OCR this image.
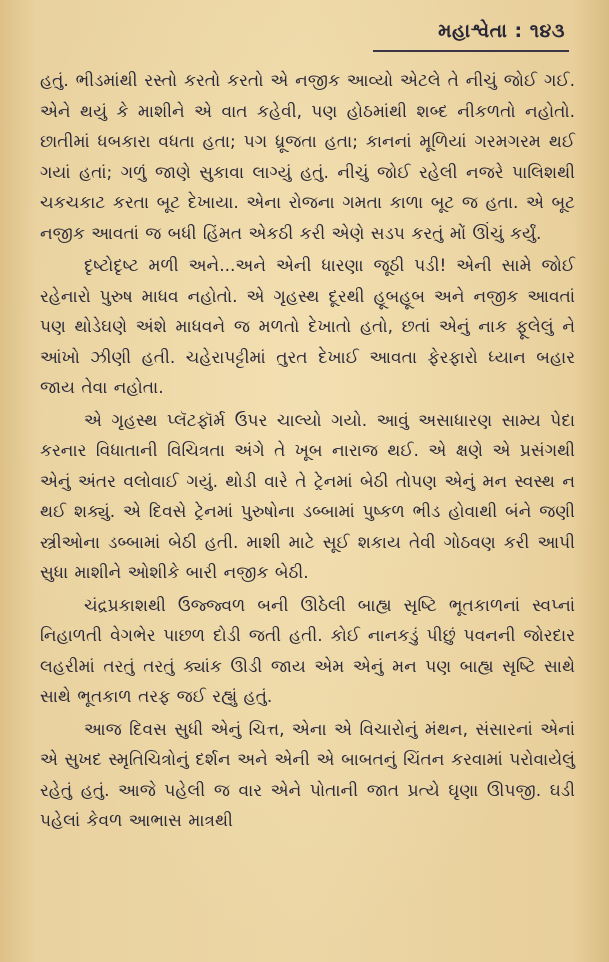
મહાશ્વેતા : ૧૪૩

હતું. ભીડમાંથી રસ્તો કરતો કરતો એ નજીક આવ્યો એટલે તે નીચું જોઈ ગઈ. એને થયું કે માશીને એ વાત કહેવી, પણ હોઠમાંથી શબ્દ નીકળતો નહોતો. છાતીમાં ધબકારા વધતા હતા; પગ ધ્રૂજતા હતા; કાનનાં મૂળિયાં ગરમગરમ થઈ ગયાં હતાં; ગળું જાણે સુકાવા લાગ્યું હતું. નીચું જોઈ રહેલી નજરે પાલિશથી ચકચકાટ કરતા બૂટ દેખાયા. એના રોજના ગમતા કાળા બૂટ જ હતા. એ બૂટ નજીક આવતાં જ બધી હિંમત એકઠી કરી એણે સડપ કરતું મોં ઊંચું કર્યું.

દૃષ્ટોદૃષ્ટ મળી અને...અને એની ધારણા જૂઠી પડી! એની સામે જોઈ રહેનારો પુરુષ માધવ નહોતો. એ ગૃહસ્થ દૂરથી હૂબહૂબ અને નજીક આવતાં પણ થોડેઘણે અંશે માધવને જ મળતો દેખાતો હતો, છતાં એનું નાક ફૂલેલું ને આંખો ઝીણી હતી. ચહેરાપટ્ટીમાં તુરત દેખાઈ આવતા ફેરફારો ધ્યાન બહાર જાય તેવા નહોતા.

એ ગૃહસ્થ પ્લૅટફૉર્મ ઉપર ચાલ્યો ગયો. આવું અસાધારણ સામ્ય પેદા કરનાર વિધાતાની વિચિત્રતા અંગે તે ખૂબ નારાજ થઈ. એ ક્ષણે એ પ્રસંગથી એનું અંતર વલોવાઈ ગયું. થોડી વારે તે ટ્રેનમાં બેઠી તોપણ એનું મન સ્વસ્થ ન થઈ શક્યું. એ દિવસે ટ્રેનમાં પુરુષોના ડબ્બામાં પુષ્કળ ભીડ હોવાથી બંને જણી સ્ત્રીઓના ડબ્બામાં બેઠી હતી. માશી માટે સૂઈ શકાય તેવી ગોઠવણ કરી આપી સુધા માશીને ઓશીકે બારી નજીક બેઠી.

ચંદ્રપ્રકાશથી ઉજ્જ્વળ બની ઊઠેલી બાહ્ય સૃષ્ટિ ભૂતકાળનાં સ્વપ્નાં નિહાળતી વેગભેર પાછળ દોડી જતી હતી. કોઈ નાનકડું પીછું પવનની જોરદાર લહરીમાં તરતું તરતું ક્યાંક ઊડી જાય એમ એનું મન પણ બાહ્ય સૃષ્ટિ સાથે સાથે ભૂતકાળ તરફ જઈ રહ્યું હતું.

આજ દિવસ સુધી એનું ચિત્ત, એના એ વિચારોનું મંથન, સંસારનાં એનાં એ સુખદ સ્મૃતિચિત્રોનું દર્શન અને એની એ બાબતનું ચિંતન કરવામાં પરોવાયેલું રહેતું હતું. આજે પહેલી જ વાર એને પોતાની જાત પ્રત્યે ઘૃણા ઊપજી. ઘડી પહેલાં કેવળ આભાસ માત્રથી
